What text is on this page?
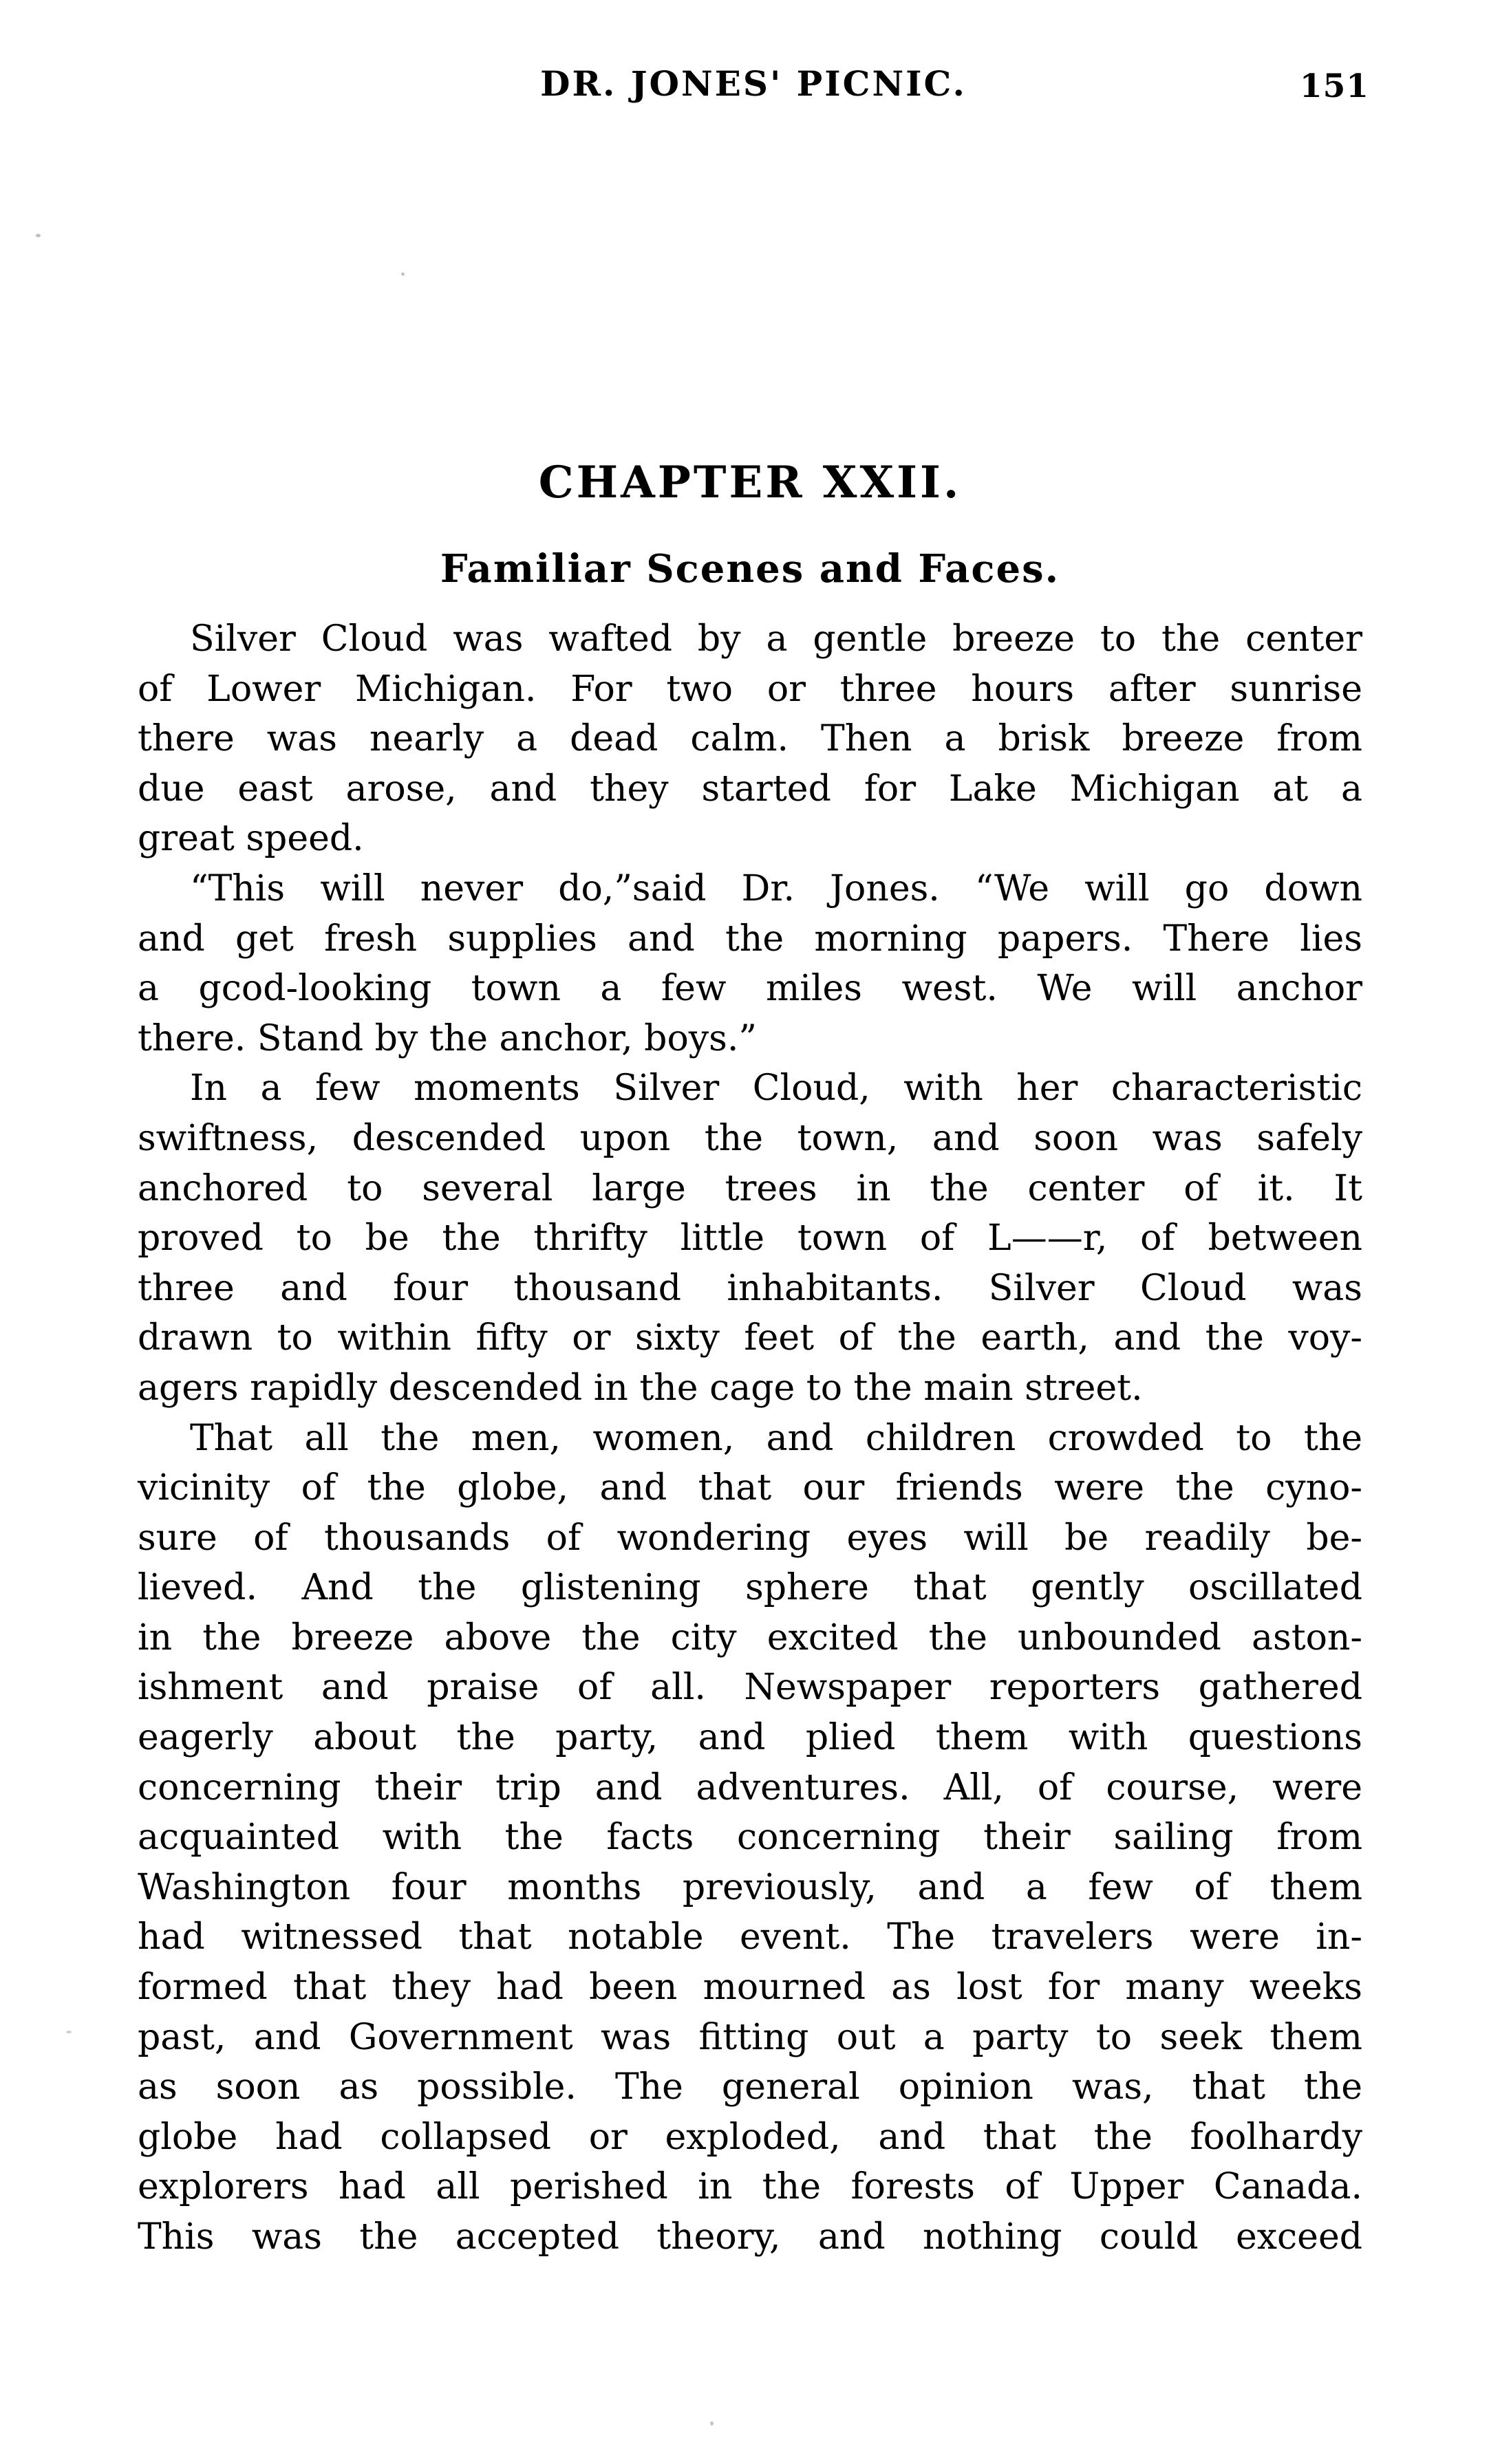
DR. JONES' PICNIC.	151
CHAPTER XXII.
Familiar Scenes and Faces.
Silver Cloud was wafted by a gentle breeze to the center
of Lower Michigan. For two or three hours after sunrise
there was nearly a dead calm. Then a brisk breeze from
due east arose, and they started for Lake Michigan at a
great speed.
“This will never do,”said Dr. Jones. “We will go down
and get fresh supplies and the morning papers. There lies
a gcod-looking town a few miles west. We will anchor
there. Stand by the anchor, boys.”
In a few moments Silver Cloud, with her characteristic
swiftness, descended upon the town, and soon was safely
anchored to several large trees in the center of it. It
proved to be the thrifty little town of L——r, of between
three and four thousand inhabitants. Silver Cloud was
drawn to within fifty or sixty feet of the earth, and the voy-
agers rapidly descended in the cage to the main street.
That all the men, women, and children crowded to the
vicinity of the globe, and that our friends were the cyno-
sure of thousands of wondering eyes will be readily be-
lieved. And the glistening sphere that gently oscillated
in the breeze above the city excited the unbounded aston-
ishment and praise of all. Newspaper reporters gathered
eagerly about the party, and plied them with questions
concerning their trip and adventures. All, of course, were
acquainted with the facts concerning their sailing from
Washington four months previously, and a few of them
had witnessed that notable event. The travelers were in-
formed that they had been mourned as lost for many weeks
past, and Government was fitting out a party to seek them
as soon as possible. The general opinion was, that the
globe had collapsed or exploded, and that the foolhardy
explorers had all perished in the forests of Upper Canada.
This was the accepted theory, and nothing could exceed
